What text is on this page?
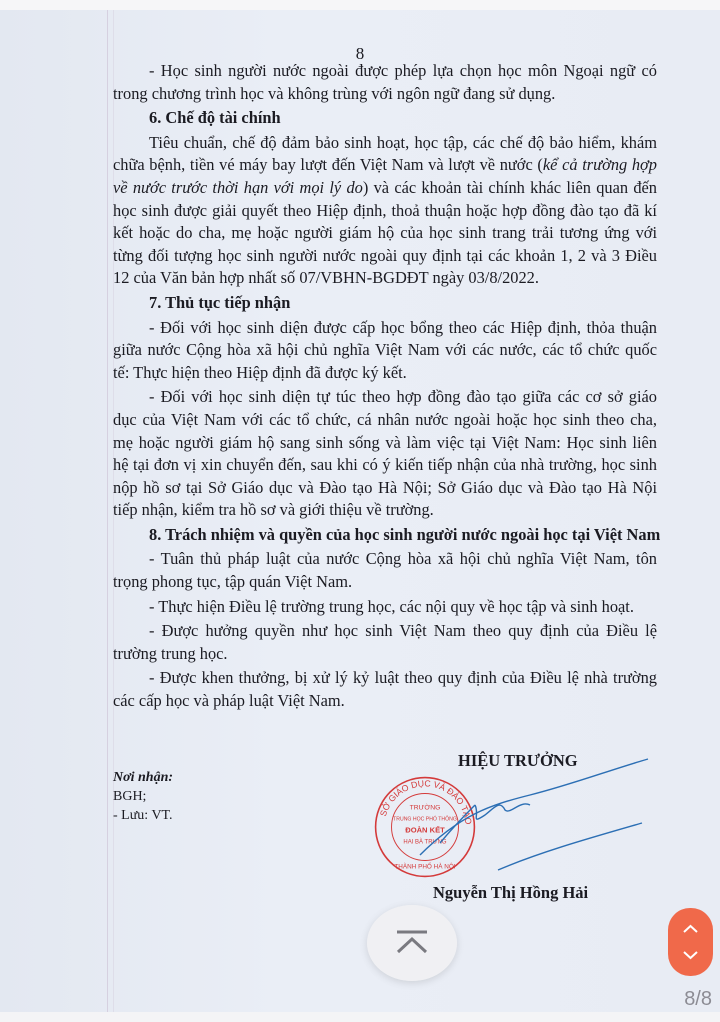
8
- Học sinh người nước ngoài được phép lựa chọn học môn Ngoại ngữ có
trong chương trình học và không trùng với ngôn ngữ đang sử dụng.
6. Chế độ tài chính
Tiêu chuẩn, chế độ đảm bảo sinh hoạt, học tập, các chế độ bảo hiểm, khám
chữa bệnh, tiền vé máy bay lượt đến Việt Nam và lượt về nước (kể cả trường hợp
về nước trước thời hạn với mọi lý do) và các khoản tài chính khác liên quan đến
học sinh được giải quyết theo Hiệp định, thoả thuận hoặc hợp đồng đào tạo đã kí
kết hoặc do cha, mẹ hoặc người giám hộ của học sinh trang trải tương ứng với
từng đối tượng học sinh người nước ngoài quy định tại các khoản 1, 2 và 3 Điều
12 của Văn bản hợp nhất số 07/VBHN-BGDĐT ngày 03/8/2022.
7. Thủ tục tiếp nhận
- Đối với học sinh diện được cấp học bổng theo các Hiệp định, thỏa thuận
giữa nước Cộng hòa xã hội chủ nghĩa Việt Nam với các nước, các tổ chức quốc
tế: Thực hiện theo Hiệp định đã được ký kết.
- Đối với học sinh diện tự túc theo hợp đồng đào tạo giữa các cơ sở giáo
dục của Việt Nam với các tổ chức, cá nhân nước ngoài hoặc học sinh theo cha,
mẹ hoặc người giám hộ sang sinh sống và làm việc tại Việt Nam: Học sinh liên
hệ tại đơn vị xin chuyển đến, sau khi có ý kiến tiếp nhận của nhà trường, học sinh
nộp hồ sơ tại Sở Giáo dục và Đào tạo Hà Nội; Sở Giáo dục và Đào tạo Hà Nội
tiếp nhận, kiểm tra hồ sơ và giới thiệu về trường.
8. Trách nhiệm và quyền của học sinh người nước ngoài học tại Việt Nam
- Tuân thủ pháp luật của nước Cộng hòa xã hội chủ nghĩa Việt Nam, tôn
trọng phong tục, tập quán Việt Nam.
- Thực hiện Điều lệ trường trung học, các nội quy về học tập và sinh hoạt.
- Được hưởng quyền như học sinh Việt Nam theo quy định của Điều lệ
trường trung học.
- Được khen thưởng, bị xử lý kỷ luật theo quy định của Điều lệ nhà trường
các cấp học và pháp luật Việt Nam.
Nơi nhận:
BGH;
- Lưu: VT.
HIỆU TRƯỞNG
SỞ GIÁO DỤC VÀ ĐÀO TẠO
TRƯỜNG
TRUNG HỌC PHỔ THÔNG
ĐOÀN KẾT
HAI BÀ TRƯNG
THÀNH PHỐ HÀ NỘI
Nguyễn Thị Hồng Hải
8/8
